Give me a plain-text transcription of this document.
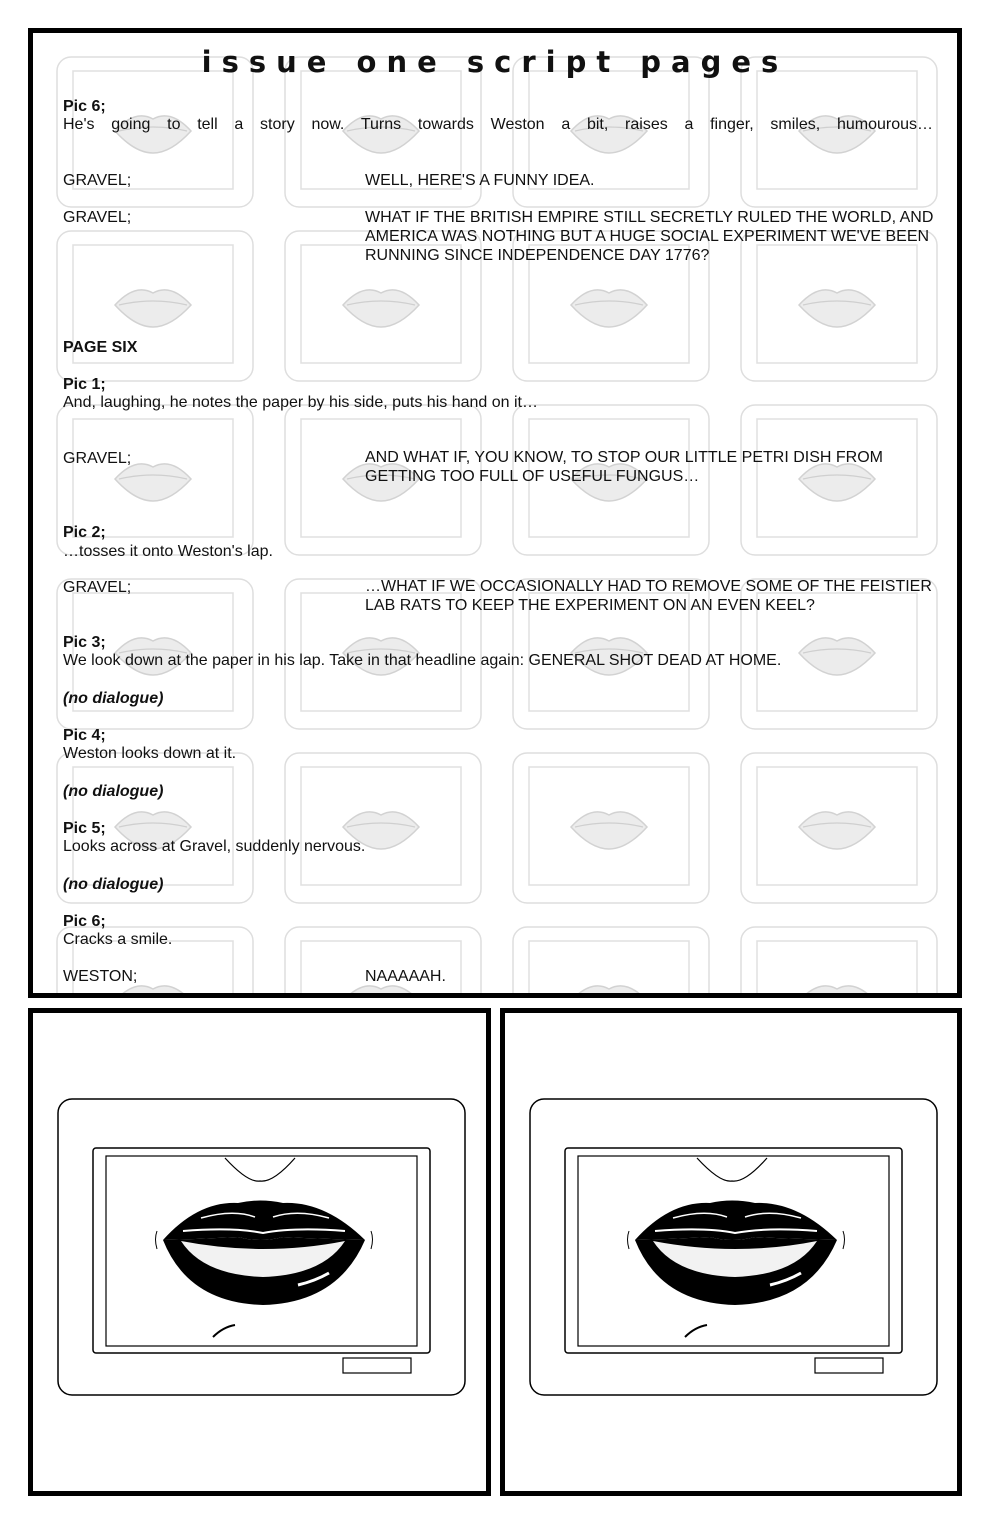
issue one script pages
Pic 6;
He's going to tell a story now. Turns towards Weston a bit, raises a finger, smiles, humourous…
GRAVEL;	WELL, HERE'S A FUNNY IDEA.
GRAVEL;	WHAT IF THE BRITISH EMPIRE STILL SECRETLY RULED THE WORLD, AND AMERICA WAS NOTHING BUT A HUGE SOCIAL EXPERIMENT WE'VE BEEN RUNNING SINCE INDEPENDENCE DAY 1776?
PAGE SIX
Pic 1;
And, laughing, he notes the paper by his side, puts his hand on it…
GRAVEL;	AND WHAT IF, YOU KNOW, TO STOP OUR LITTLE PETRI DISH FROM GETTING TOO FULL OF USEFUL FUNGUS…
Pic 2;
…tosses it onto Weston's lap.
GRAVEL;	…WHAT IF WE OCCASIONALLY HAD TO REMOVE SOME OF THE FEISTIER LAB RATS TO KEEP THE EXPERIMENT ON AN EVEN KEEL?
Pic 3;
We look down at the paper in his lap. Take in that headline again: GENERAL SHOT DEAD AT HOME.
(no dialogue)
Pic 4;
Weston looks down at it.
(no dialogue)
Pic 5;
Looks across at Gravel, suddenly nervous.
(no dialogue)
Pic 6;
Cracks a smile.
WESTON;	NAAAAAH.
